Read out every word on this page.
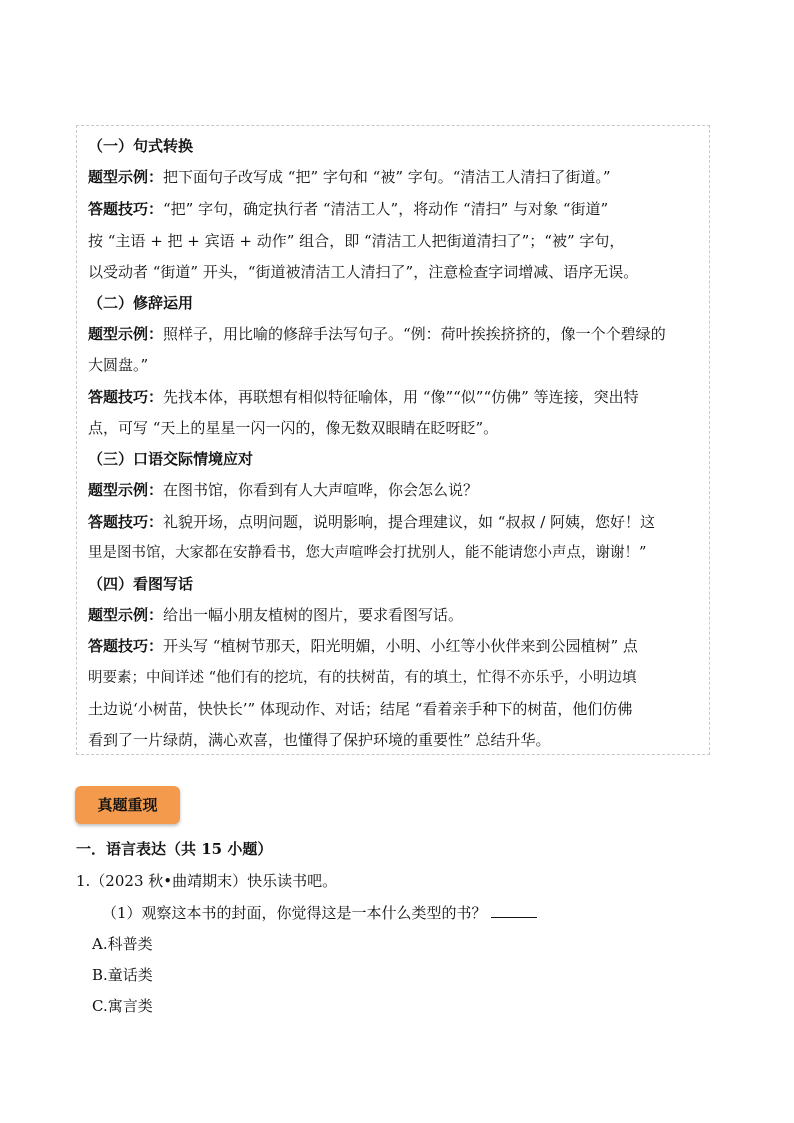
（一）句式转换
题型示例：把下面句子改写成 “把” 字句和 “被” 字句。“清洁工人清扫了街道。”
答题技巧：“把” 字句，确定执行者 “清洁工人”，将动作 “清扫” 与对象 “街道”
按 “主语 + 把 + 宾语 + 动作” 组合，即 “清洁工人把街道清扫了”；“被” 字句，
以受动者 “街道” 开头，“街道被清洁工人清扫了”，注意检查字词增减、语序无误。
（二）修辞运用
题型示例：照样子，用比喻的修辞手法写句子。“例：荷叶挨挨挤挤的，像一个个碧绿的
大圆盘。”
答题技巧：先找本体，再联想有相似特征喻体，用 “像”“似”“仿佛” 等连接，突出特
点，可写 “天上的星星一闪一闪的，像无数双眼睛在眨呀眨”。
（三）口语交际情境应对
题型示例：在图书馆，你看到有人大声喧哗，你会怎么说？
答题技巧：礼貌开场，点明问题，说明影响，提合理建议，如 “叔叔 / 阿姨，您好！这
里是图书馆，大家都在安静看书，您大声喧哗会打扰别人，能不能请您小声点，谢谢！”
（四）看图写话
题型示例：给出一幅小朋友植树的图片，要求看图写话。
答题技巧：开头写 “植树节那天，阳光明媚，小明、小红等小伙伴来到公园植树” 点
明要素；中间详述 “他们有的挖坑，有的扶树苗，有的填土，忙得不亦乐乎，小明边填
土边说‘小树苗，快快长’” 体现动作、对话；结尾 “看着亲手种下的树苗，他们仿佛
看到了一片绿荫，满心欢喜，也懂得了保护环境的重要性” 总结升华。
真题重现
一．语言表达（共 15 小题）
1.（2023 秋•曲靖期末）快乐读书吧。
（1）观察这本书的封面，你觉得这是一本什么类型的书？
A.科普类
B.童话类
C.寓言类
